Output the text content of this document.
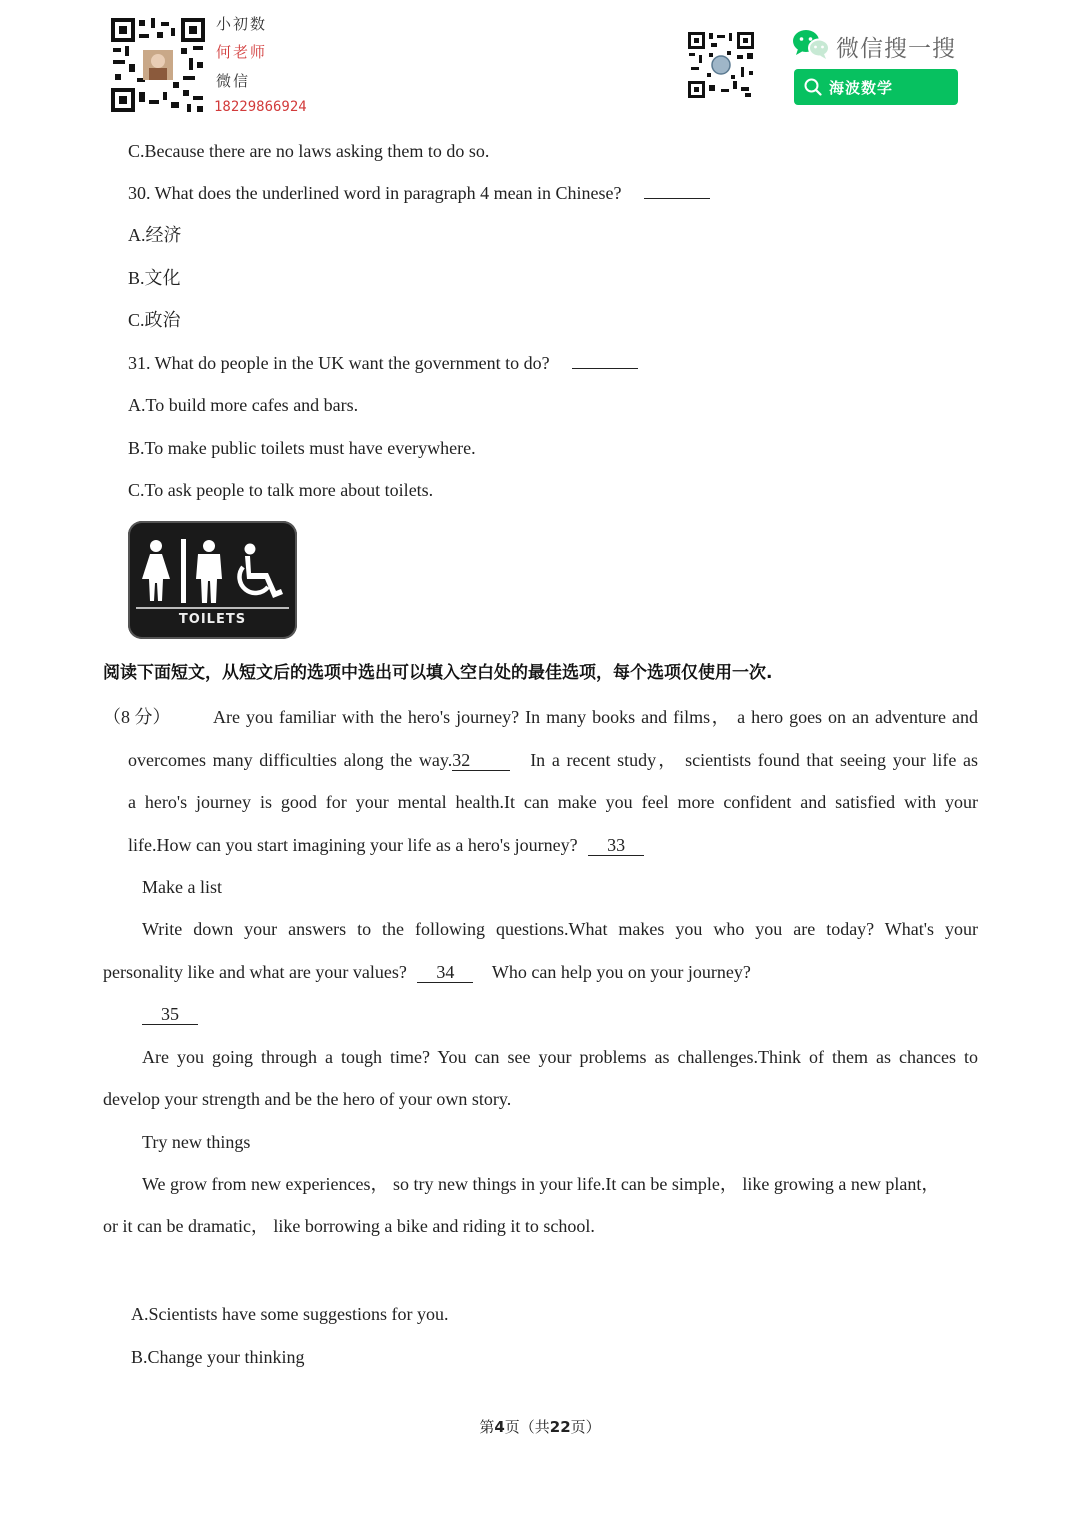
小初数
何老师
微信
18229866924
微信搜一搜
海波数学
C.Because there are no laws asking them to do so.
30. What does the underlined word in paragraph 4 mean in Chinese?
A.经济
B.文化
C.政治
31. What do people in the UK want the government to do?
A.To build more cafes and bars.
B.To make public toilets must have everywhere.
C.To ask people to talk more about toilets.
TOILETS
阅读下面短文，从短文后的选项中选出可以填入空白处的最佳选项，每个选项仅使用一次.
（8 分） Are you familiar with the hero's journey? In many books and films， a hero goes on an adventure and
overcomes many difficulties along the way.32	In a recent study， scientists found that seeing your life as
a hero's journey is good for your mental health.It can make you feel more confident and satisfied with your
life.How can you start imagining your life as a hero's journey? 33
Make a list
Write down your answers to the following questions.What makes you who you are today? What's your
personality like and what are your values? 34 Who can help you on your journey?
35
Are you going through a tough time? You can see your problems as challenges.Think of them as chances to
develop your strength and be the hero of your own story.
Try new things
We grow from new experiences， so try new things in your life.It can be simple， like growing a new plant，
or it can be dramatic， like borrowing a bike and riding it to school.
A.Scientists have some suggestions for you.
B.Change your thinking
第4页（共22页）
